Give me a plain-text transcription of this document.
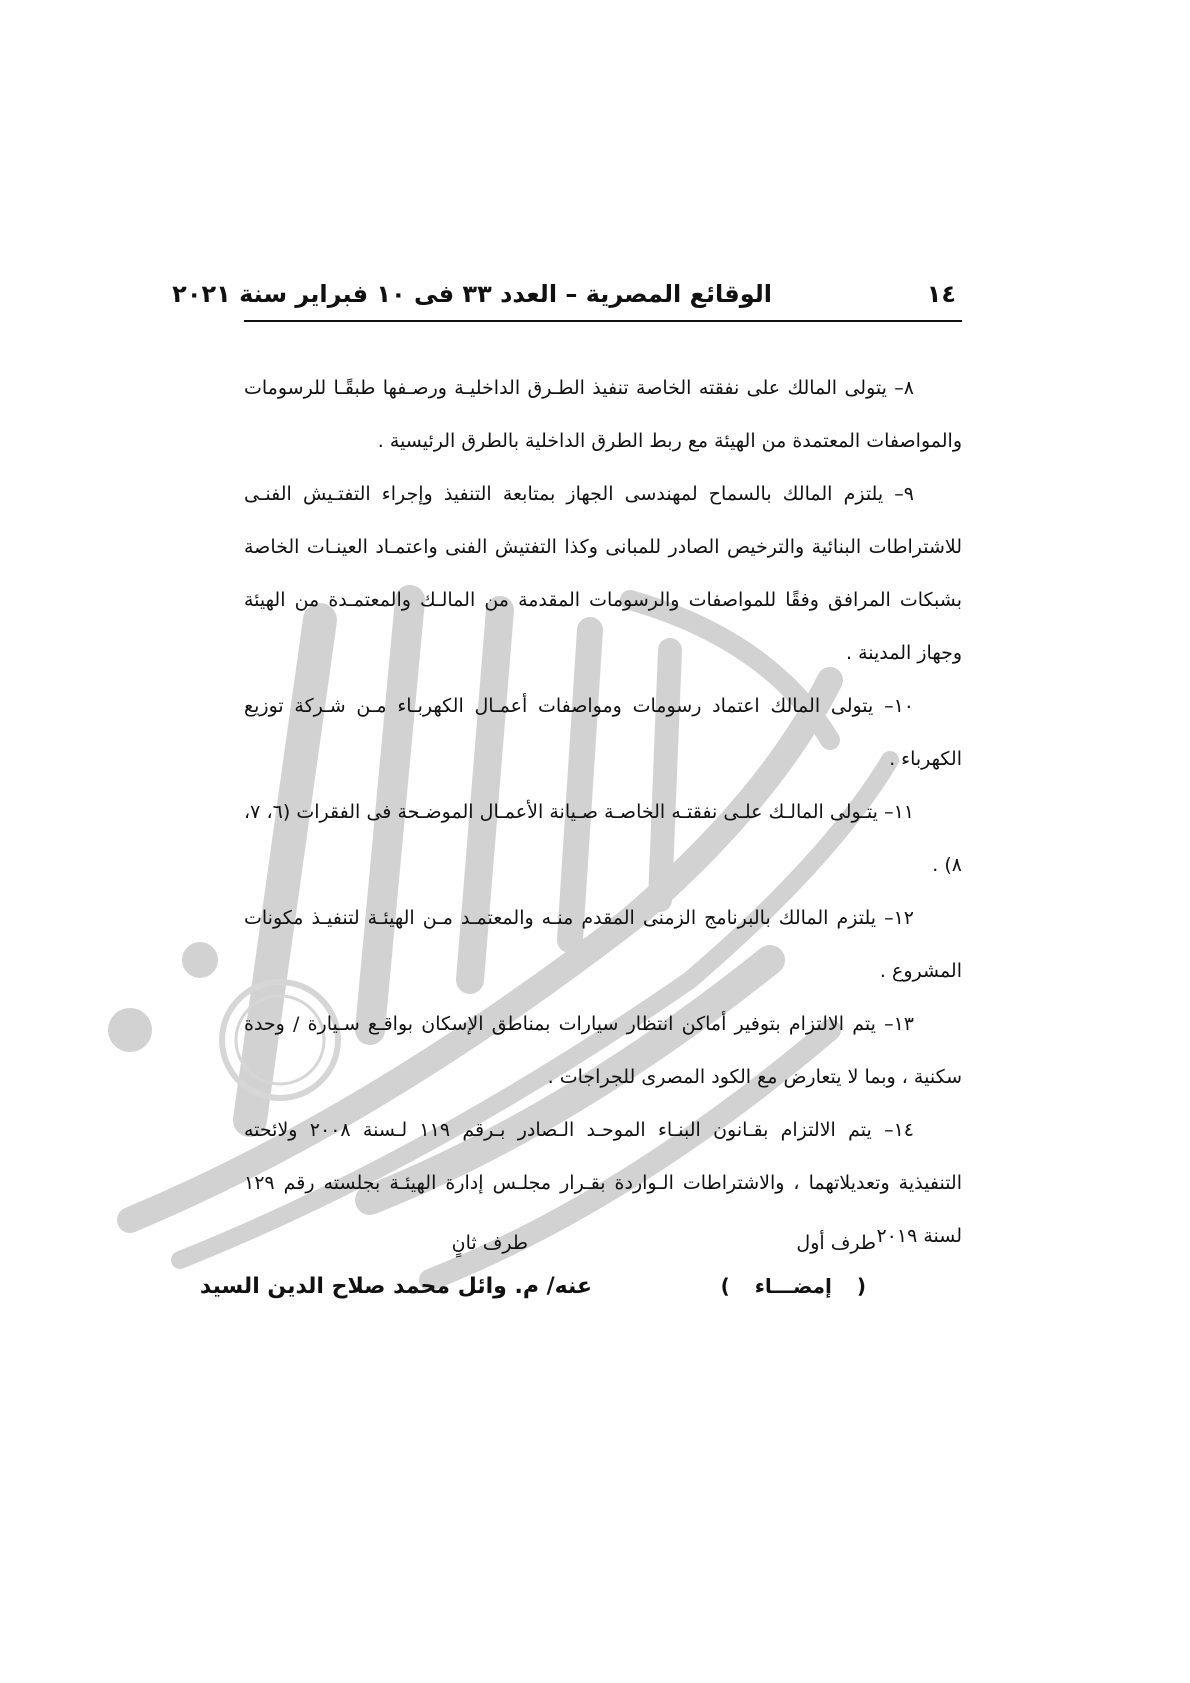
١٤
الوقائع المصرية – العدد ٣٣ فى ١٠ فبراير سنة ٢٠٢١

٨– يتولى المالك على نفقته الخاصة تنفيذ الطـرق الداخليـة ورصـفها طبقًـا للرسومات والمواصفات المعتمدة من الهيئة مع ربط الطرق الداخلية بالطرق الرئيسية .

٩– يلتزم المالك بالسماح لمهندسى الجهاز بمتابعة التنفيذ وإجراء التفتـيش الفنـى للاشتراطات البنائية والترخيص الصادر للمبانى وكذا التفتيش الفنى واعتمـاد العينـات الخاصة بشبكات المرافق وفقًا للمواصفات والرسومات المقدمة من المالـك والمعتمـدة من الهيئة وجهاز المدينة .

١٠– يتولى المالك اعتماد رسومات ومواصفات أعمـال الكهربـاء مـن شـركة توزيع الكهرباء .

١١– يتـولى المالـك علـى نفقتـه الخاصـة صـيانة الأعمـال الموضـحة فى الفقرات (٦، ٧، ٨) .

١٢– يلتزم المالك بالبرنامج الزمنى المقدم منـه والمعتمـد مـن الهيئـة لتنفيـذ مكونات المشروع .

١٣– يتم الالتزام بتوفير أماكن انتظار سيارات بمناطق الإسكان بواقـع سـيارة / وحدة سكنية ، وبما لا يتعارض مع الكود المصرى للجراجات .

١٤– يتم الالتزام بقـانون البنـاء الموحـد الـصادر بـرقم ١١٩ لـسنة ٢٠٠٨ ولائحته التنفيذية وتعديلاتهما ، والاشتراطات الـواردة بقـرار مجلـس إدارة الهيئـة بجلسته رقم ١٢٩ لسنة ٢٠١٩

طرف أول
( إمضـــاء )
طرف ثانٍ
عنه/ م. وائل محمد صلاح الدين السيد
